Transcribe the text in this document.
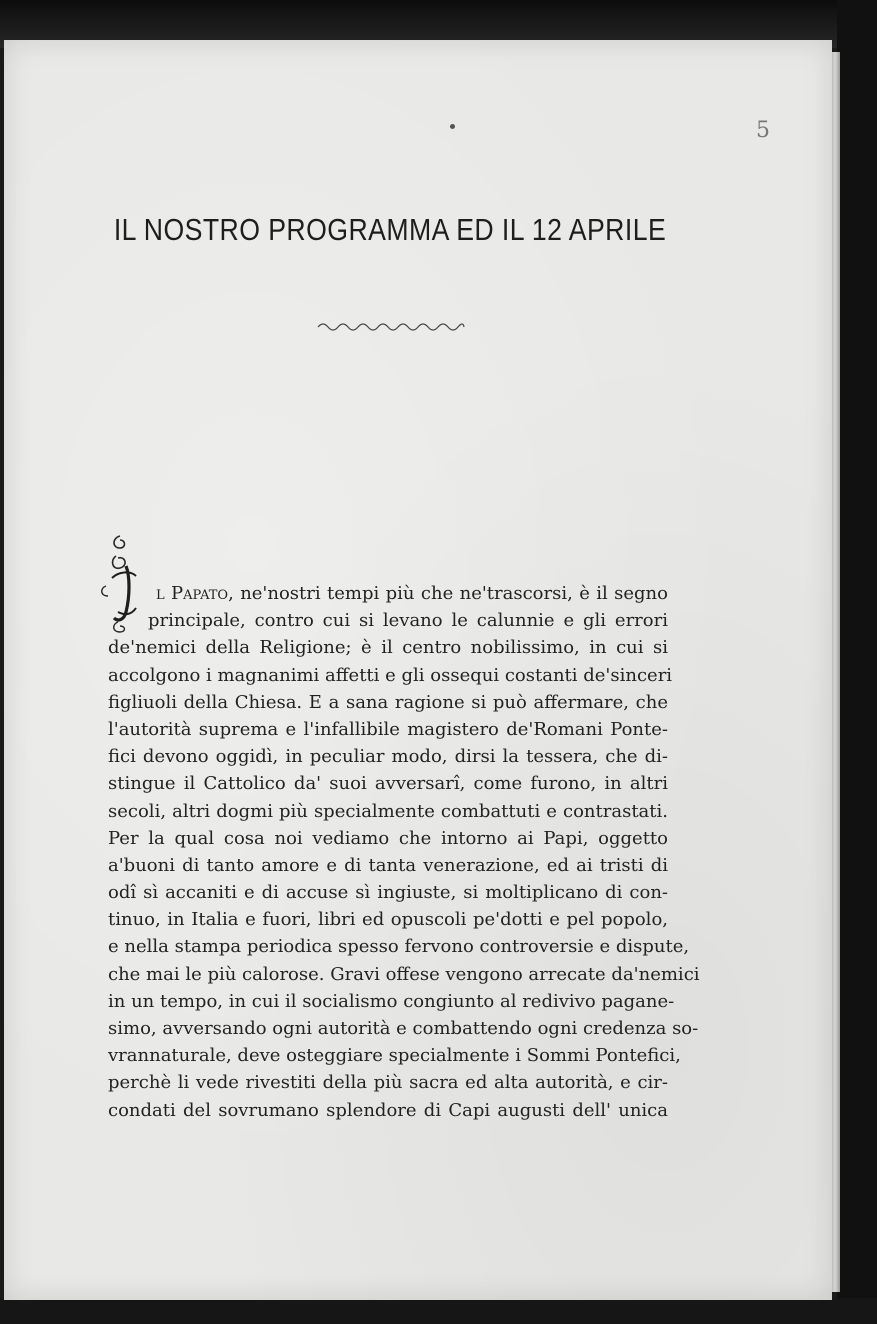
5
IL NOSTRO PROGRAMMA ED IL 12 APRILE
l Papato, ne'nostri tempi più che ne'trascorsi, è il segno
principale, contro cui si levano le calunnie e gli errori
de'nemici della Religione; è il centro nobilissimo, in cui si
accolgono i magnanimi affetti e gli ossequi costanti de'sinceri
figliuoli della Chiesa. E a sana ragione si può affermare, che
l'autorità suprema e l'infallibile magistero de'Romani Ponte-
fici devono oggidì, in peculiar modo, dirsi la tessera, che di-
stingue il Cattolico da' suoi avversarî, come furono, in altri
secoli, altri dogmi più specialmente combattuti e contrastati.
Per la qual cosa noi vediamo che intorno ai Papi, oggetto
a'buoni di tanto amore e di tanta venerazione, ed ai tristi di
odî sì accaniti e di accuse sì ingiuste, si moltiplicano di con-
tinuo, in Italia e fuori, libri ed opuscoli pe'dotti e pel popolo,
e nella stampa periodica spesso fervono controversie e dispute,
che mai le più calorose. Gravi offese vengono arrecate da'nemici
in un tempo, in cui il socialismo congiunto al redivivo pagane-
simo, avversando ogni autorità e combattendo ogni credenza so-
vrannaturale, deve osteggiare specialmente i Sommi Pontefici,
perchè li vede rivestiti della più sacra ed alta autorità, e cir-
condati del sovrumano splendore di Capi augusti dell' unica
